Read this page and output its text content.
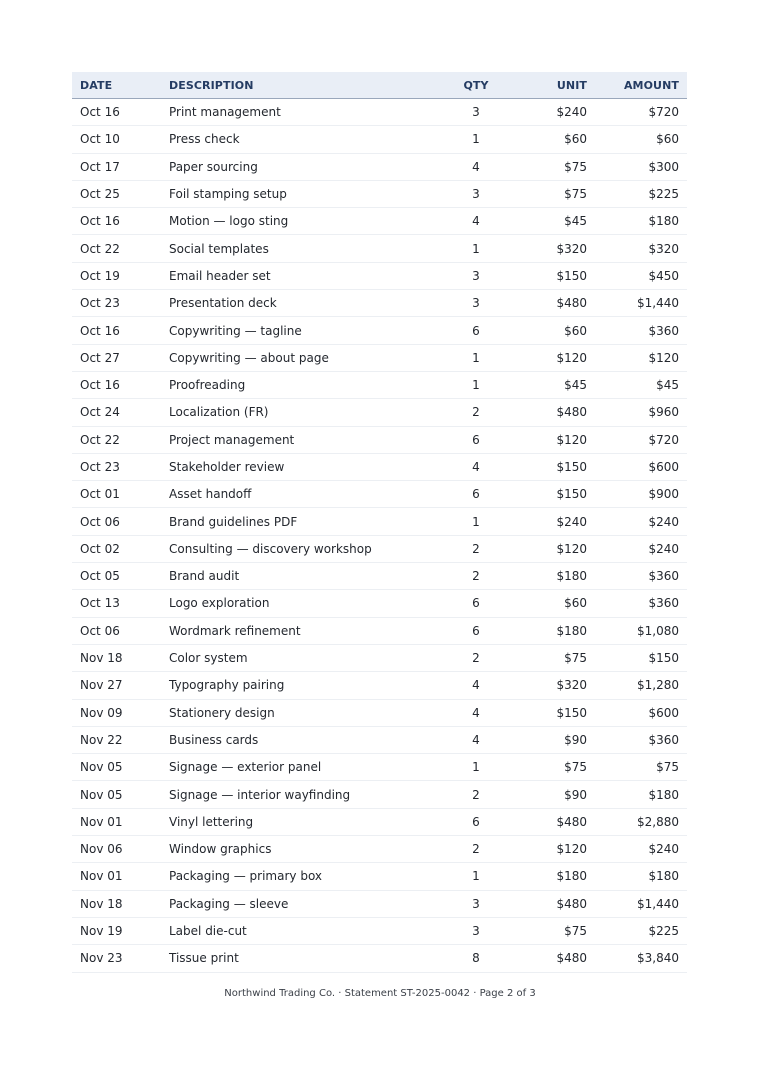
DATE	DESCRIPTION	QTY	UNIT	AMOUNT
Oct 16	Print management	3	$240	$720
Oct 10	Press check	1	$60	$60
Oct 17	Paper sourcing	4	$75	$300
Oct 25	Foil stamping setup	3	$75	$225
Oct 16	Motion — logo sting	4	$45	$180
Oct 22	Social templates	1	$320	$320
Oct 19	Email header set	3	$150	$450
Oct 23	Presentation deck	3	$480	$1,440
Oct 16	Copywriting — tagline	6	$60	$360
Oct 27	Copywriting — about page	1	$120	$120
Oct 16	Proofreading	1	$45	$45
Oct 24	Localization (FR)	2	$480	$960
Oct 22	Project management	6	$120	$720
Oct 23	Stakeholder review	4	$150	$600
Oct 01	Asset handoff	6	$150	$900
Oct 06	Brand guidelines PDF	1	$240	$240
Oct 02	Consulting — discovery workshop	2	$120	$240
Oct 05	Brand audit	2	$180	$360
Oct 13	Logo exploration	6	$60	$360
Oct 06	Wordmark refinement	6	$180	$1,080
Nov 18	Color system	2	$75	$150
Nov 27	Typography pairing	4	$320	$1,280
Nov 09	Stationery design	4	$150	$600
Nov 22	Business cards	4	$90	$360
Nov 05	Signage — exterior panel	1	$75	$75
Nov 05	Signage — interior wayfinding	2	$90	$180
Nov 01	Vinyl lettering	6	$480	$2,880
Nov 06	Window graphics	2	$120	$240
Nov 01	Packaging — primary box	1	$180	$180
Nov 18	Packaging — sleeve	3	$480	$1,440
Nov 19	Label die-cut	3	$75	$225
Nov 23	Tissue print	8	$480	$3,840
Northwind Trading Co. · Statement ST-2025-0042 · Page 2 of 3
